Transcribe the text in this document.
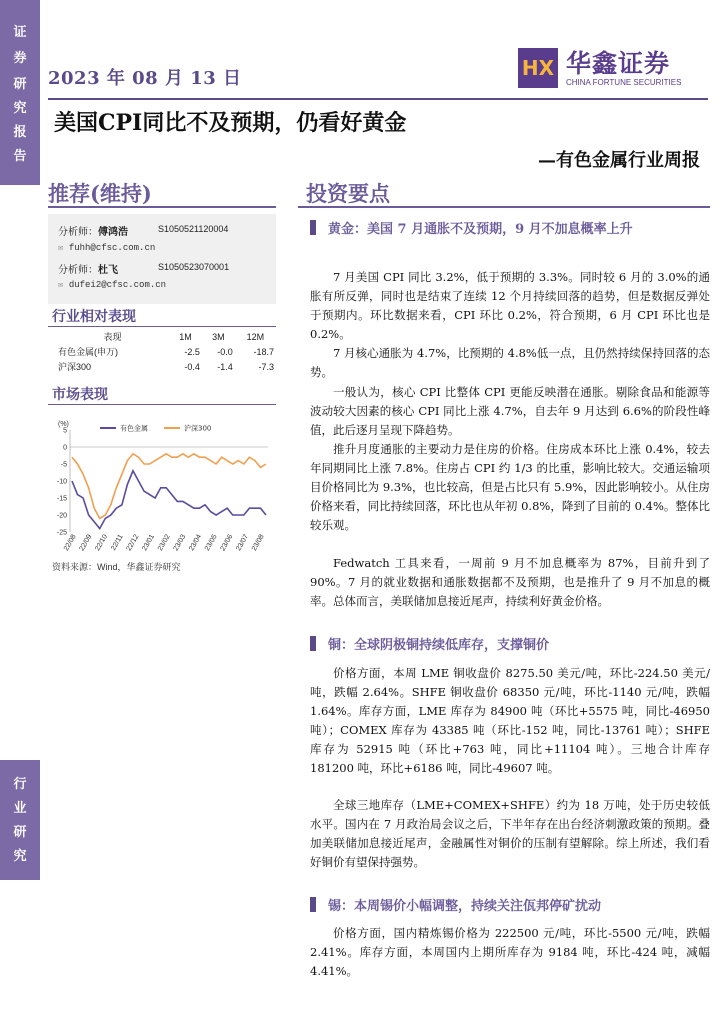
证
券
研
究
报
告
行
业
研
究
2023 年 08 月 13 日	HX 华鑫证券
CHINA FORTUNE SECURITIES
美国CPI同比不及预期，仍看好黄金
—有色金属行业周报
推荐(维持)
分析师：傅鸿浩	S1050521120004
✉ fuhh@cfsc.com.cn
分析师：杜飞	S1050523070001
✉ dufei2@cfsc.com.cn
行业相对表现
表现	1M	3M	12M
有色金属(申万)	-2.5	-0.0	-18.7
沪深300	-0.4	-1.4	-7.3
市场表现
(%)
5
0
-5
-10
-15
-20
-25
22/08 22/09 22/10 22/11 22/12 23/01 23/02 23/03 23/04 23/05 23/06 23/07 23/08
有色金属	沪深300
资料来源：Wind，华鑫证券研究
投资要点
黄金：美国 7 月通胀不及预期，9 月不加息概率上升
7 月美国 CPI 同比 3.2%，低于预期的 3.3%。同时较 6 月的 3.0%的通胀有所反弹，同时也是结束了连续 12 个月持续回落的趋势，但是数据反弹处于预期内。环比数据来看，CPI 环比 0.2%，符合预期，6 月 CPI 环比也是 0.2%。
7 月核心通胀为 4.7%，比预期的 4.8%低一点，且仍然持续保持回落的态势。
一般认为，核心 CPI 比整体 CPI 更能反映潜在通胀。剔除食品和能源等波动较大因素的核心 CPI 同比上涨 4.7%，自去年 9 月达到 6.6%的阶段性峰值，此后逐月呈现下降趋势。
推升月度通胀的主要动力是住房的价格。住房成本环比上涨 0.4%，较去年同期同比上涨 7.8%。住房占 CPI 约 1/3 的比重，影响比较大。交通运输项目价格同比为 9.3%，也比较高，但是占比只有 5.9%，因此影响较小。从住房价格来看，同比持续回落，环比也从年初 0.8%，降到了目前的 0.4%。整体比较乐观。
Fedwatch 工具来看，一周前 9 月不加息概率为 87%，目前升到了 90%。7 月的就业数据和通胀数据都不及预期，也是推升了 9 月不加息的概率。总体而言，美联储加息接近尾声，持续利好黄金价格。
铜：全球阴极铜持续低库存，支撑铜价
价格方面，本周 LME 铜收盘价 8275.50 美元/吨，环比-224.50 美元/吨，跌幅 2.64%。SHFE 铜收盘价 68350 元/吨，环比-1140 元/吨，跌幅 1.64%。库存方面，LME 库存为 84900 吨（环比+5575 吨，同比-46950 吨）；COMEX 库存为 43385 吨（环比-152 吨，同比-13761 吨）；SHFE 库存为 52915 吨（环比+763 吨，同比+11104 吨）。三地合计库存 181200 吨，环比+6186 吨，同比-49607 吨。
全球三地库存（LME+COMEX+SHFE）约为 18 万吨，处于历史较低水平。国内在 7 月政治局会议之后，下半年存在出台经济刺激政策的预期。叠加美联储加息接近尾声，金融属性对铜价的压制有望解除。综上所述，我们看好铜价有望保持强势。
锡：本周锡价小幅调整，持续关注佤邦停矿扰动
价格方面，国内精炼锡价格为 222500 元/吨，环比-5500 元/吨，跌幅 2.41%。库存方面，本周国内上期所库存为 9184 吨，环比-424 吨，减幅 4.41%。
